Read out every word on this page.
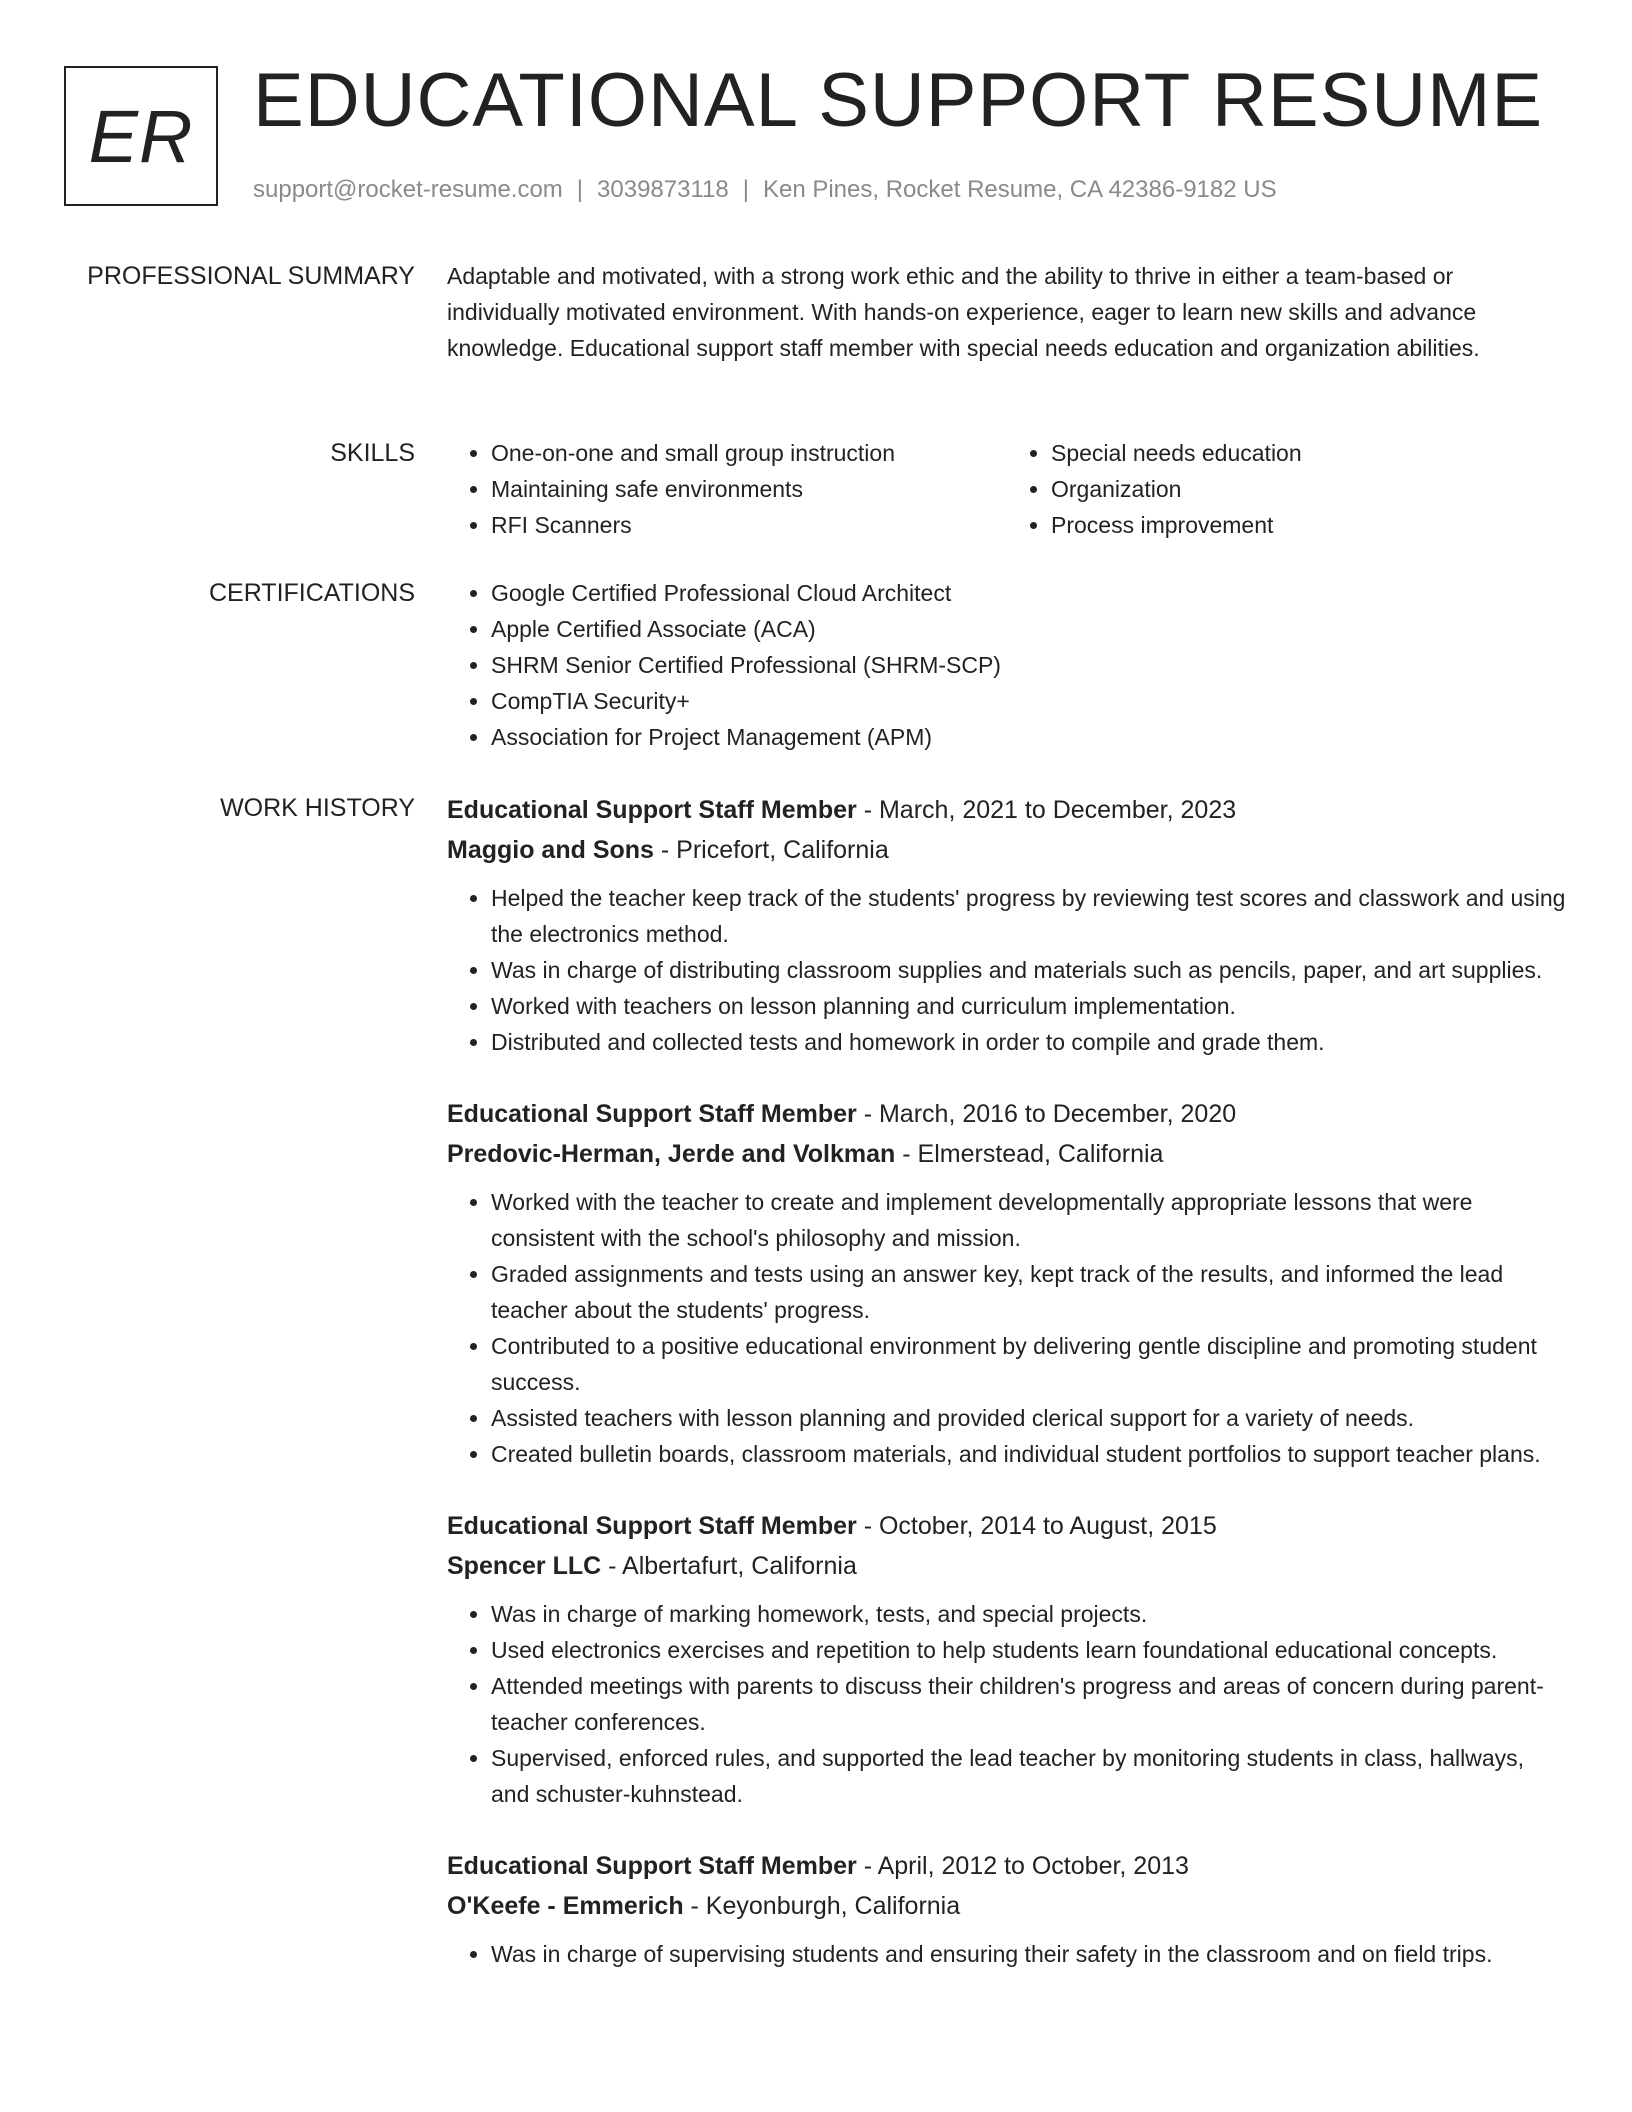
ER EDUCATIONAL SUPPORT RESUME
support@rocket-resume.com | 3039873118 | Ken Pines, Rocket Resume, CA 42386-9182 US
PROFESSIONAL SUMMARY Adaptable and motivated, with a strong work ethic and the ability to thrive in either a team-based or individually motivated environment. With hands-on experience, eager to learn new skills and advance knowledge. Educational support staff member with special needs education and organization abilities.

SKILLS	• One-on-one and small group instruction
• Maintaining safe environments
• RFI Scanners
• Special needs education
• Organization
• Process improvement
CERTIFICATIONS	• Google Certified Professional Cloud Architect
• Apple Certified Associate (ACA)
• SHRM Senior Certified Professional (SHRM-SCP)
• CompTIA Security+
• Association for Project Management (APM)
WORK HISTORY Educational Support Staff Member - March, 2021 to December, 2023
Maggio and Sons - Pricefort, California
• Helped the teacher keep track of the students' progress by reviewing test scores and classwork and using the electronics method.
• Was in charge of distributing classroom supplies and materials such as pencils, paper, and art supplies.
• Worked with teachers on lesson planning and curriculum implementation.
• Distributed and collected tests and homework in order to compile and grade them.
Educational Support Staff Member - March, 2016 to December, 2020
Predovic-Herman, Jerde and Volkman - Elmerstead, California
• Worked with the teacher to create and implement developmentally appropriate lessons that were consistent with the school's philosophy and mission.
• Graded assignments and tests using an answer key, kept track of the results, and informed the lead teacher about the students' progress.
• Contributed to a positive educational environment by delivering gentle discipline and promoting student success.
• Assisted teachers with lesson planning and provided clerical support for a variety of needs.
• Created bulletin boards, classroom materials, and individual student portfolios to support teacher plans.
Educational Support Staff Member - October, 2014 to August, 2015
Spencer LLC - Albertafurt, California
• Was in charge of marking homework, tests, and special projects.
• Used electronics exercises and repetition to help students learn foundational educational concepts.
• Attended meetings with parents to discuss their children's progress and areas of concern during parent-teacher conferences.
• Supervised, enforced rules, and supported the lead teacher by monitoring students in class, hallways, and schuster-kuhnstead.
Educational Support Staff Member - April, 2012 to October, 2013
O'Keefe - Emmerich - Keyonburgh, California
• Was in charge of supervising students and ensuring their safety in the classroom and on field trips.
